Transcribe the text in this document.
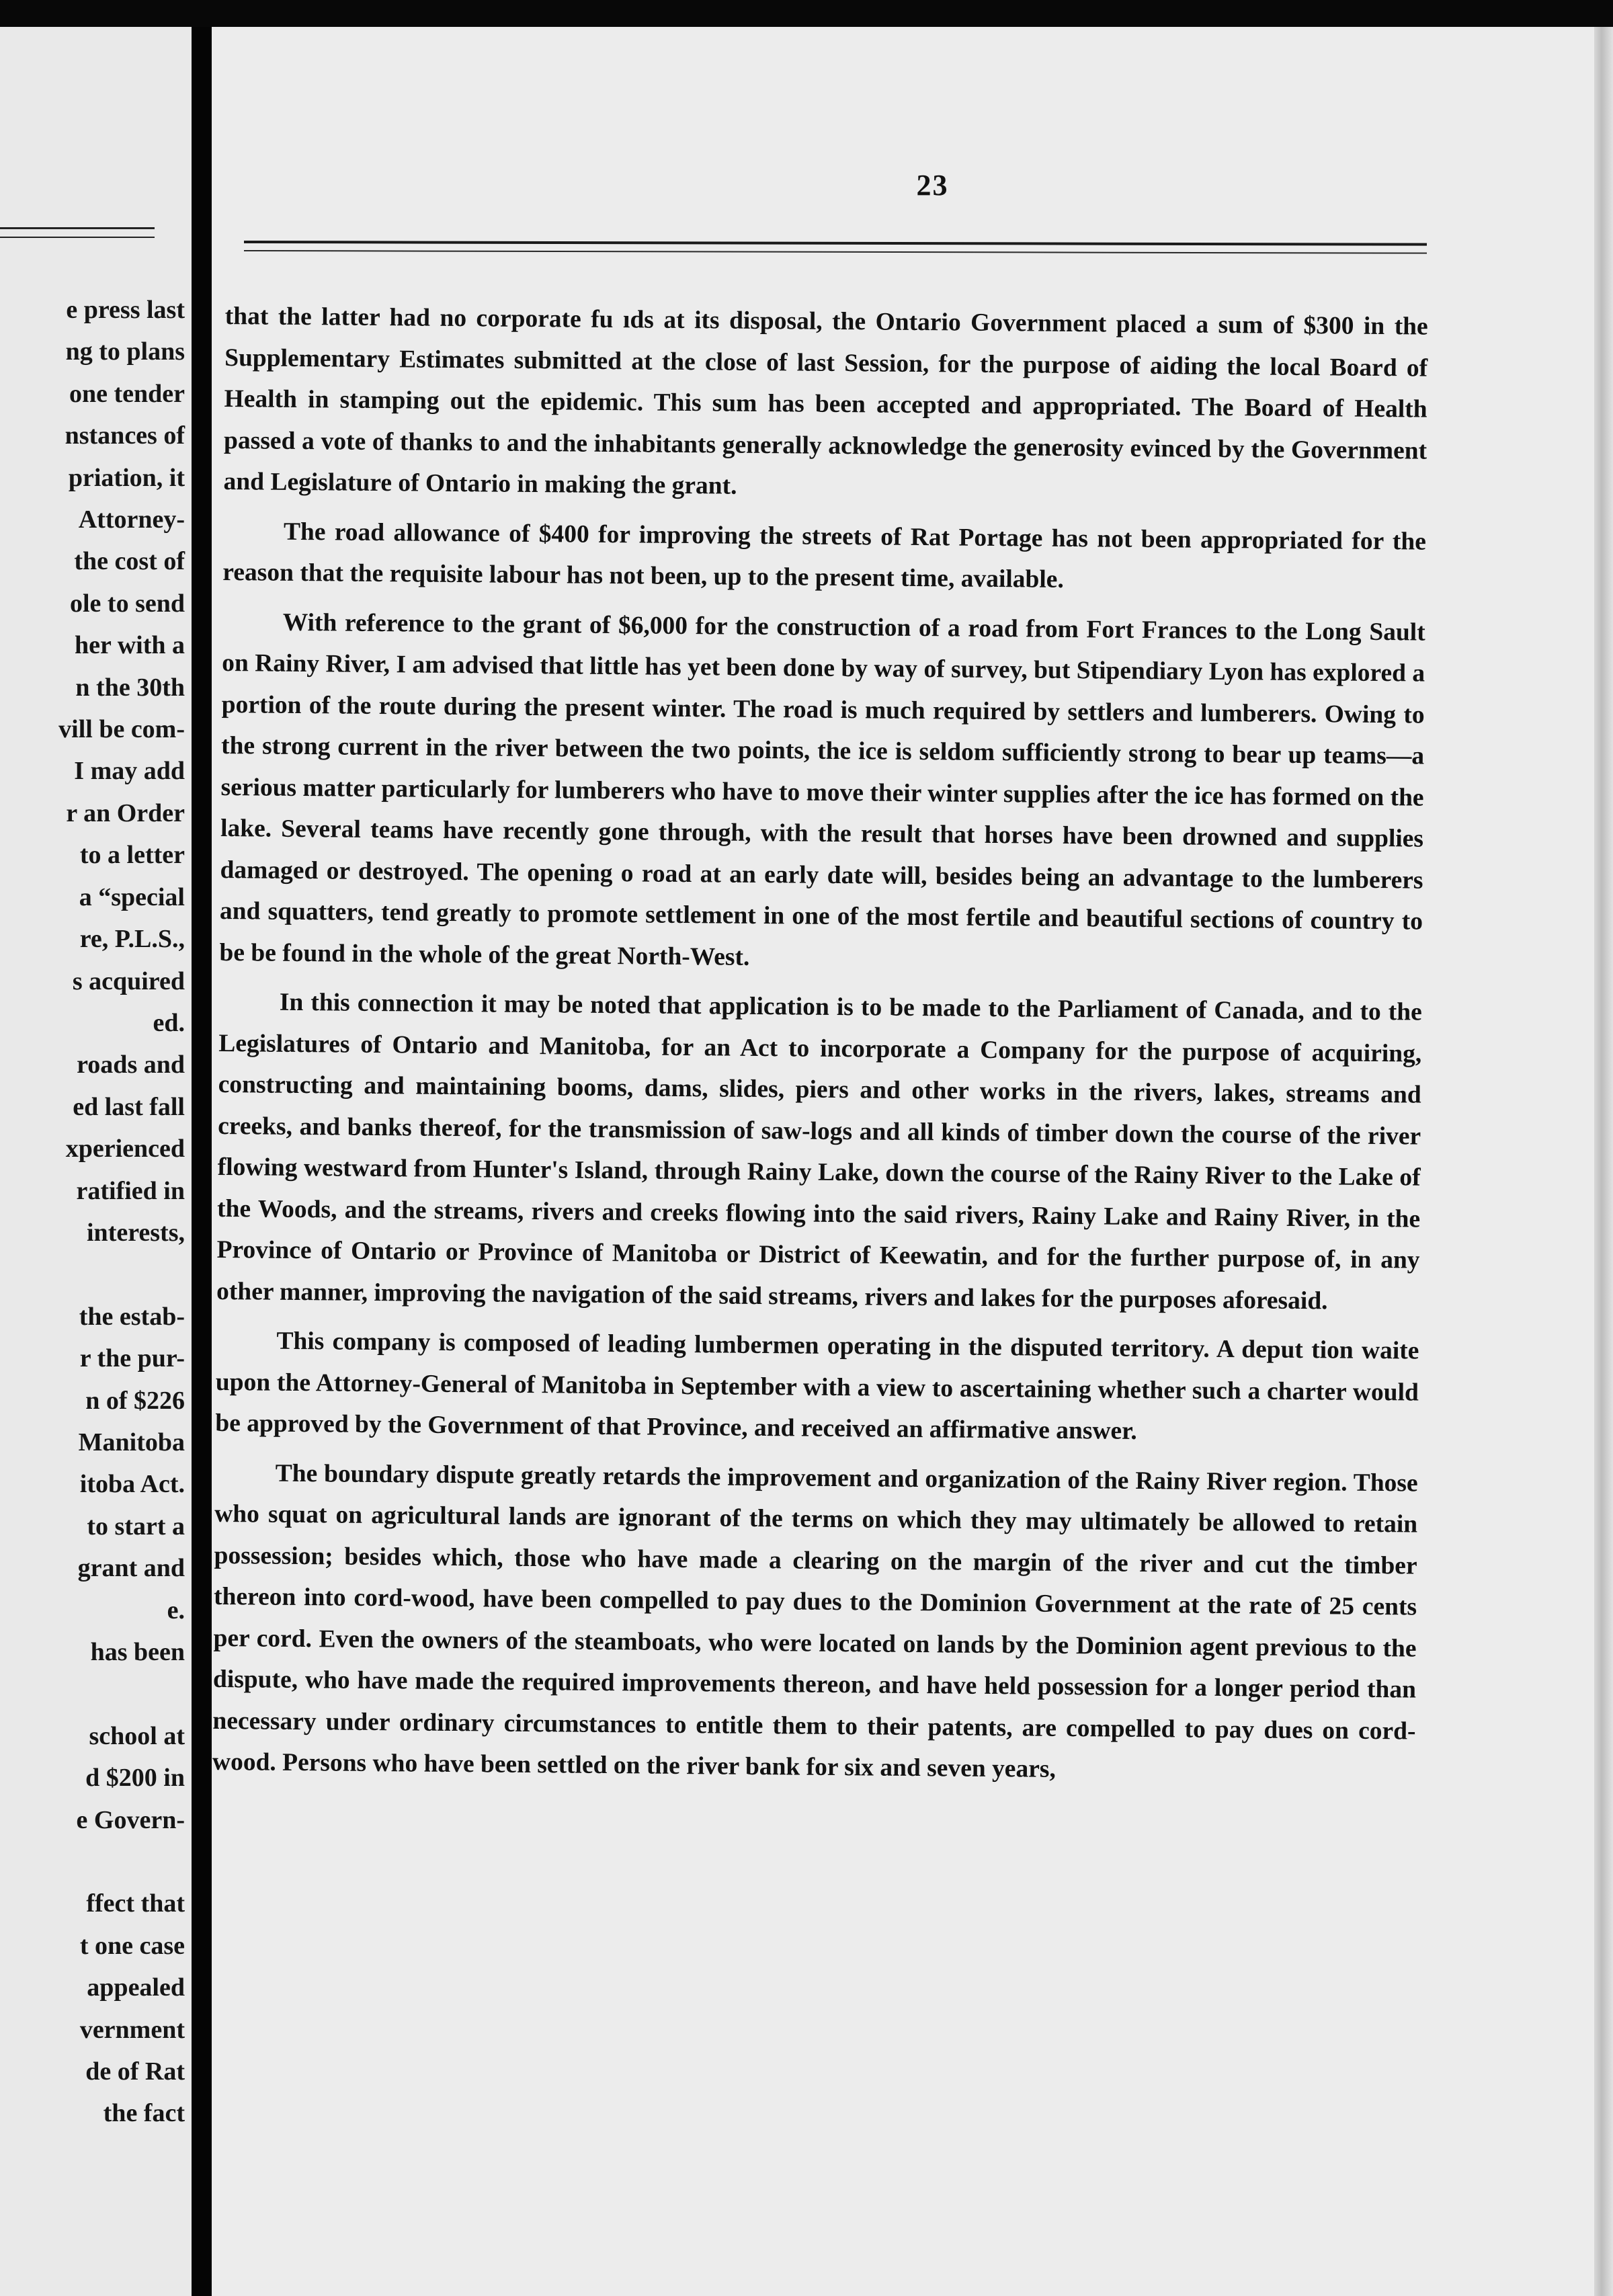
e press last
ng to plans
one tender
nstances of
priation, it
Attorney-
the cost of
ole to send
her with a
n the 30th
vill be com-
I may add
r an Order
to a letter
a “special
re, P.L.S.,
s acquired
ed.
roads and
ed last fall
xperienced
ratified in
interests,

the estab-
r the pur-
n of $226
Manitoba
itoba Act.
to start a
grant and
e.
has been

school at
d $200 in
e Govern-

ffect that
t one case
appealed
vernment
de of Rat
the fact
23

that the latter had no corporate fu ıds at its disposal, the Ontario Government placed a sum of $300 in the Supplementary Estimates submitted at the close of last Session, for the purpose of aiding the local Board of Health in stamping out the epidemic. This sum has been accepted and appropriated. The Board of Health passed a vote of thanks to and the inhabitants generally acknowledge the generosity evinced by the Government and Legislature of Ontario in making the grant.

The road allowance of $400 for improving the streets of Rat Portage has not been appropriated for the reason that the requisite labour has not been, up to the present time, available.

With reference to the grant of $6,000 for the construction of a road from Fort Frances to the Long Sault on Rainy River, I am advised that little has yet been done by way of survey, but Stipendiary Lyon has explored a portion of the route during the present winter. The road is much required by settlers and lumberers. Owing to the strong current in the river between the two points, the ice is seldom sufficiently strong to bear up teams—a serious matter particularly for lumberers who have to move their winter supplies after the ice has formed on the lake. Several teams have recently gone through, with the result that horses have been drowned and supplies damaged or destroyed. The opening o road at an early date will, besides being an advantage to the lumberers and squatters, tend greatly to promote settlement in one of the most fertile and beautiful sections of country to be be found in the whole of the great North-West.

In this connection it may be noted that application is to be made to the Parliament of Canada, and to the Legislatures of Ontario and Manitoba, for an Act to incorporate a Company for the purpose of acquiring, constructing and maintaining booms, dams, slides, piers and other works in the rivers, lakes, streams and creeks, and banks thereof, for the transmission of saw-logs and all kinds of timber down the course of the river flowing westward from Hunter's Island, through Rainy Lake, down the course of the Rainy River to the Lake of the Woods, and the streams, rivers and creeks flowing into the said rivers, Rainy Lake and Rainy River, in the Province of Ontario or Province of Manitoba or District of Keewatin, and for the further purpose of, in any other manner, improving the navigation of the said streams, rivers and lakes for the purposes aforesaid.

This company is composed of leading lumbermen operating in the disputed territory. A deput tion waite upon the Attorney-General of Manitoba in September with a view to ascertaining whether such a charter would be approved by the Government of that Province, and received an affirmative answer.

The boundary dispute greatly retards the improvement and organization of the Rainy River region. Those who squat on agricultural lands are ignorant of the terms on which they may ultimately be allowed to retain possession; besides which, those who have made a clearing on the margin of the river and cut the timber thereon into cord-wood, have been compelled to pay dues to the Dominion Government at the rate of 25 cents per cord. Even the owners of the steamboats, who were located on lands by the Dominion agent previous to the dispute, who have made the required improvements thereon, and have held possession for a longer period than necessary under ordinary circumstances to entitle them to their patents, are compelled to pay dues on cord-wood. Persons who have been settled on the river bank for six and seven years,
